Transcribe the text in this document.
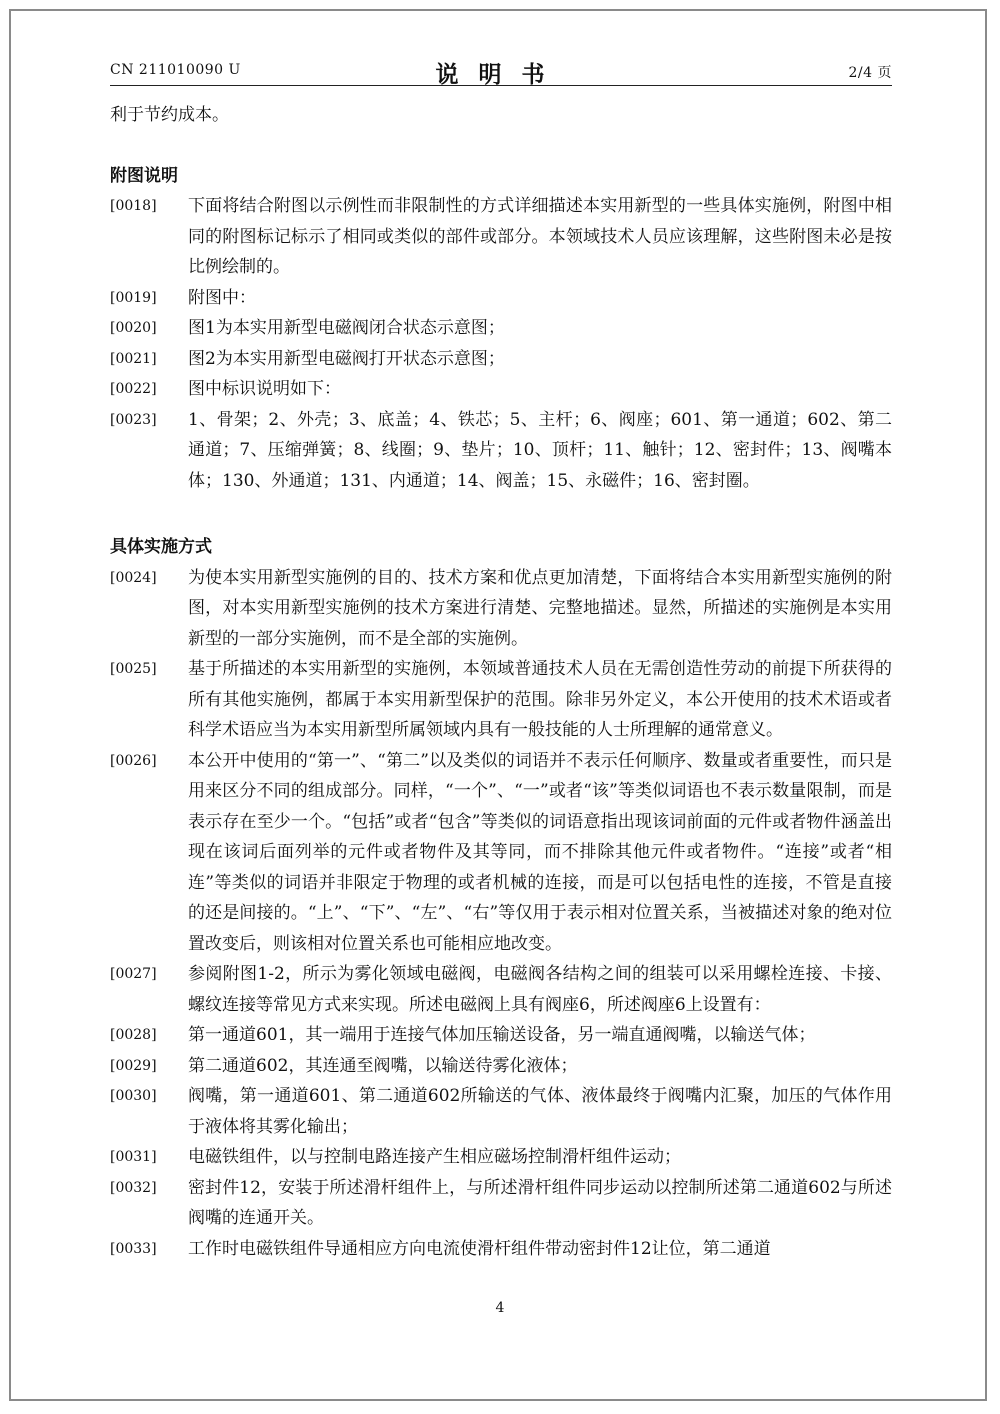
CN 211010090 U	说明书	2/4 页
利于节约成本。
附图说明
[0018]	下面将结合附图以示例性而非限制性的方式详细描述本实用新型的一些具体实施例，附图中相同的附图标记标示了相同或类似的部件或部分。本领域技术人员应该理解，这些附图未必是按比例绘制的。
[0019]	附图中：
[0020]	图1为本实用新型电磁阀闭合状态示意图；
[0021]	图2为本实用新型电磁阀打开状态示意图；
[0022]	图中标识说明如下：
[0023]	1、骨架；2、外壳；3、底盖；4、铁芯；5、主杆；6、阀座；601、第一通道；602、第二通道；7、压缩弹簧；8、线圈；9、垫片；10、顶杆；11、触针；12、密封件；13、阀嘴本体；130、外通道；131、内通道；14、阀盖；15、永磁件；16、密封圈。
具体实施方式
[0024]	为使本实用新型实施例的目的、技术方案和优点更加清楚，下面将结合本实用新型实施例的附图，对本实用新型实施例的技术方案进行清楚、完整地描述。显然，所描述的实施例是本实用新型的一部分实施例，而不是全部的实施例。
[0025]	基于所描述的本实用新型的实施例，本领域普通技术人员在无需创造性劳动的前提下所获得的所有其他实施例，都属于本实用新型保护的范围。除非另外定义，本公开使用的技术术语或者科学术语应当为本实用新型所属领域内具有一般技能的人士所理解的通常意义。
[0026]	本公开中使用的“第一”、“第二”以及类似的词语并不表示任何顺序、数量或者重要性，而只是用来区分不同的组成部分。同样，“一个”、“一”或者“该”等类似词语也不表示数量限制，而是表示存在至少一个。“包括”或者“包含”等类似的词语意指出现该词前面的元件或者物件涵盖出现在该词后面列举的元件或者物件及其等同，而不排除其他元件或者物件。“连接”或者“相连”等类似的词语并非限定于物理的或者机械的连接，而是可以包括电性的连接，不管是直接的还是间接的。“上”、“下”、“左”、“右”等仅用于表示相对位置关系，当被描述对象的绝对位置改变后，则该相对位置关系也可能相应地改变。
[0027]	参阅附图1-2，所示为雾化领域电磁阀，电磁阀各结构之间的组装可以采用螺栓连接、卡接、螺纹连接等常见方式来实现。所述电磁阀上具有阀座6，所述阀座6上设置有：
[0028]	第一通道601，其一端用于连接气体加压输送设备，另一端直通阀嘴，以输送气体；
[0029]	第二通道602，其连通至阀嘴，以输送待雾化液体；
[0030]	阀嘴，第一通道601、第二通道602所输送的气体、液体最终于阀嘴内汇聚，加压的气体作用于液体将其雾化输出；
[0031]	电磁铁组件，以与控制电路连接产生相应磁场控制滑杆组件运动；
[0032]	密封件12，安装于所述滑杆组件上，与所述滑杆组件同步运动以控制所述第二通道602与所述阀嘴的连通开关。
[0033]	工作时电磁铁组件导通相应方向电流使滑杆组件带动密封件12让位，第二通道
4
